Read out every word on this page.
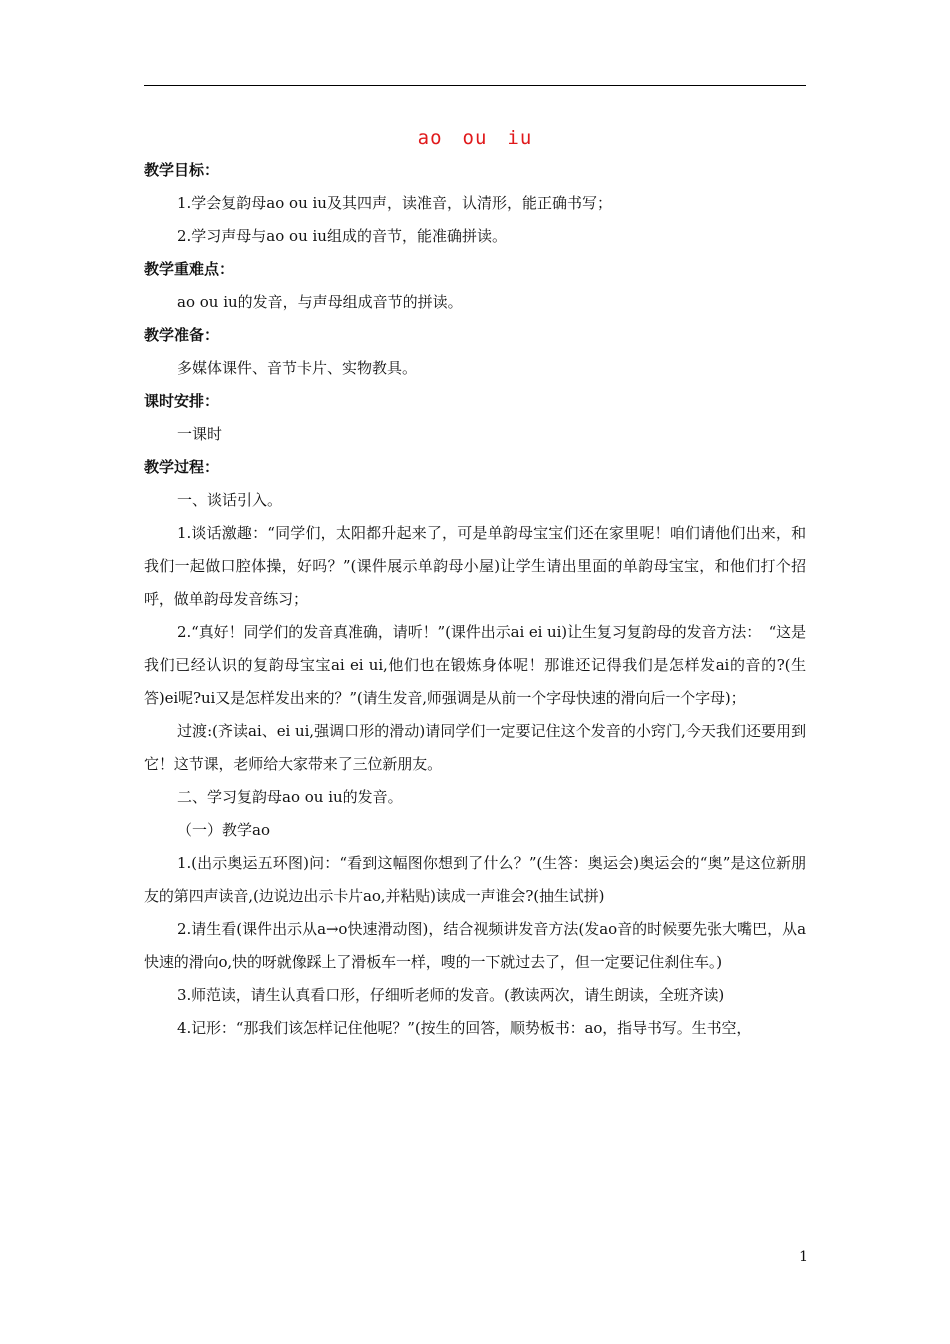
ao　ou　iu

教学目标：

1.学会复韵母ao ou iu及其四声，读准音，认清形，能正确书写；

2.学习声母与ao ou iu组成的音节，能准确拼读。

教学重难点：

ao ou iu的发音，与声母组成音节的拼读。

教学准备：

多媒体课件、音节卡片、实物教具。

课时安排：

一课时

教学过程：

一、谈话引入。

1.谈话激趣：“同学们，太阳都升起来了，可是单韵母宝宝们还在家里呢！咱们请他们出来，和我们一起做口腔体操，好吗？”(课件展示单韵母小屋)让学生请出里面的单韵母宝宝，和他们打个招呼，做单韵母发音练习；

2.“真好！同学们的发音真准确，请听！”(课件出示ai ei ui)让生复习复韵母的发音方法：　“这是我们已经认识的复韵母宝宝ai ei ui,他们也在锻炼身体呢！那谁还记得我们是怎样发ai的音的?(生答)ei呢?ui又是怎样发出来的？”(请生发音,师强调是从前一个字母快速的滑向后一个字母)；

过渡:(齐读ai、ei ui,强调口形的滑动)请同学们一定要记住这个发音的小窍门,今天我们还要用到它！这节课，老师给大家带来了三位新朋友。

二、学习复韵母ao ou iu的发音。

（一）教学ao

1.(出示奥运五环图)问：“看到这幅图你想到了什么？”(生答：奥运会)奥运会的“奥”是这位新朋友的第四声读音,(边说边出示卡片ao,并粘贴)读成一声谁会?(抽生试拼)

2.请生看(课件出示从a→o快速滑动图)，结合视频讲发音方法(发ao音的时候要先张大嘴巴，从a快速的滑向o,快的呀就像踩上了滑板车一样，嗖的一下就过去了，但一定要记住刹住车。)

3.师范读，请生认真看口形，仔细听老师的发音。(教读两次，请生朗读，全班齐读)

4.记形：“那我们该怎样记住他呢？”(按生的回答，顺势板书：ao，指导书写。生书空，

1
